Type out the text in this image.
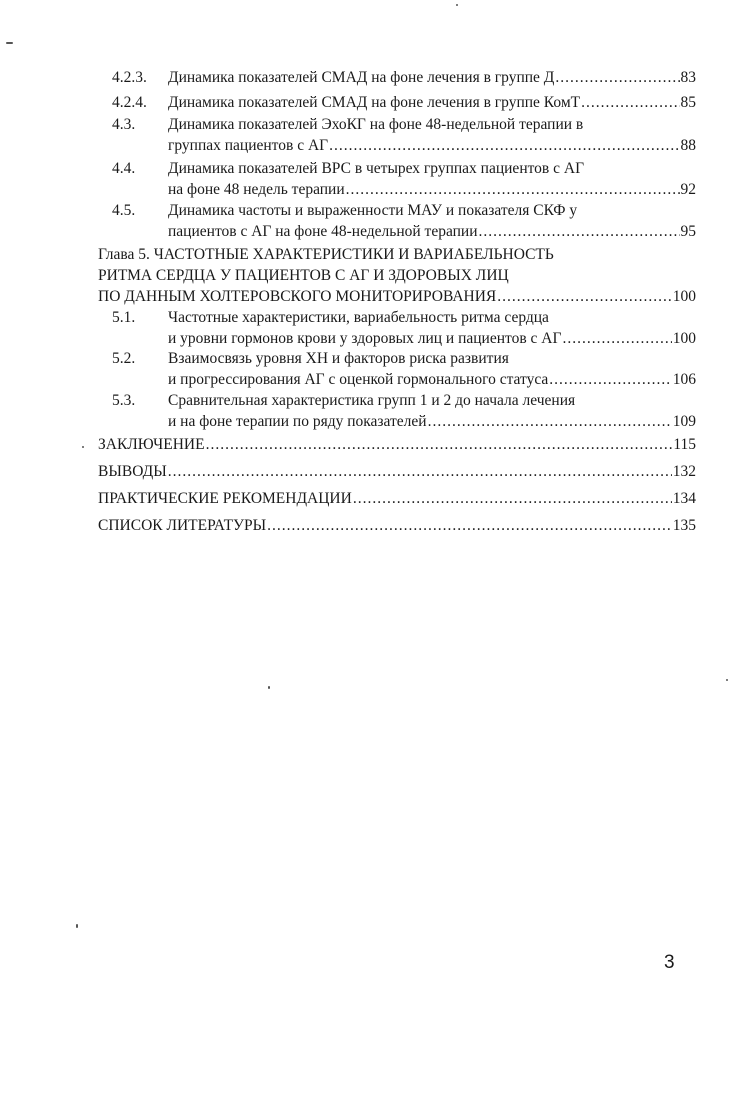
4.2.3. Динамика показателей СМАД на фоне лечения в группе Д .....	83
4.2.4. Динамика показателей СМАД на фоне лечения в группе КомТ .....	85
4.3. Динамика показателей ЭхоКГ на фоне 48-недельной терапии в
группах пациентов с АГ .....	88
4.4. Динамика показателей ВРС в четырех группах пациентов с АГ
на фоне 48 недель терапии .....	92
4.5. Динамика частоты и выраженности МАУ и показателя СКФ у
пациентов с АГ на фоне 48-недельной терапии .....	95
Глава 5. ЧАСТОТНЫЕ ХАРАКТЕРИСТИКИ И ВАРИАБЕЛЬНОСТЬ
РИТМА СЕРДЦА У ПАЦИЕНТОВ С АГ И ЗДОРОВЫХ ЛИЦ
ПО ДАННЫМ ХОЛТЕРОВСКОГО МОНИТОРИРОВАНИЯ .....	100
5.1. Частотные характеристики, вариабельность ритма сердца
и уровни гормонов крови у здоровых лиц и пациентов с АГ .....	100
5.2. Взаимосвязь уровня ХН и факторов риска развития
и прогрессирования АГ с оценкой гормонального статуса .....	106
5.3. Сравнительная характеристика групп 1 и 2 до начала лечения
и на фоне терапии по ряду показателей .....	109
ЗАКЛЮЧЕНИЕ .....	115
ВЫВОДЫ .....	132
ПРАКТИЧЕСКИЕ РЕКОМЕНДАЦИИ .....	134
СПИСОК ЛИТЕРАТУРЫ .....	135
3
